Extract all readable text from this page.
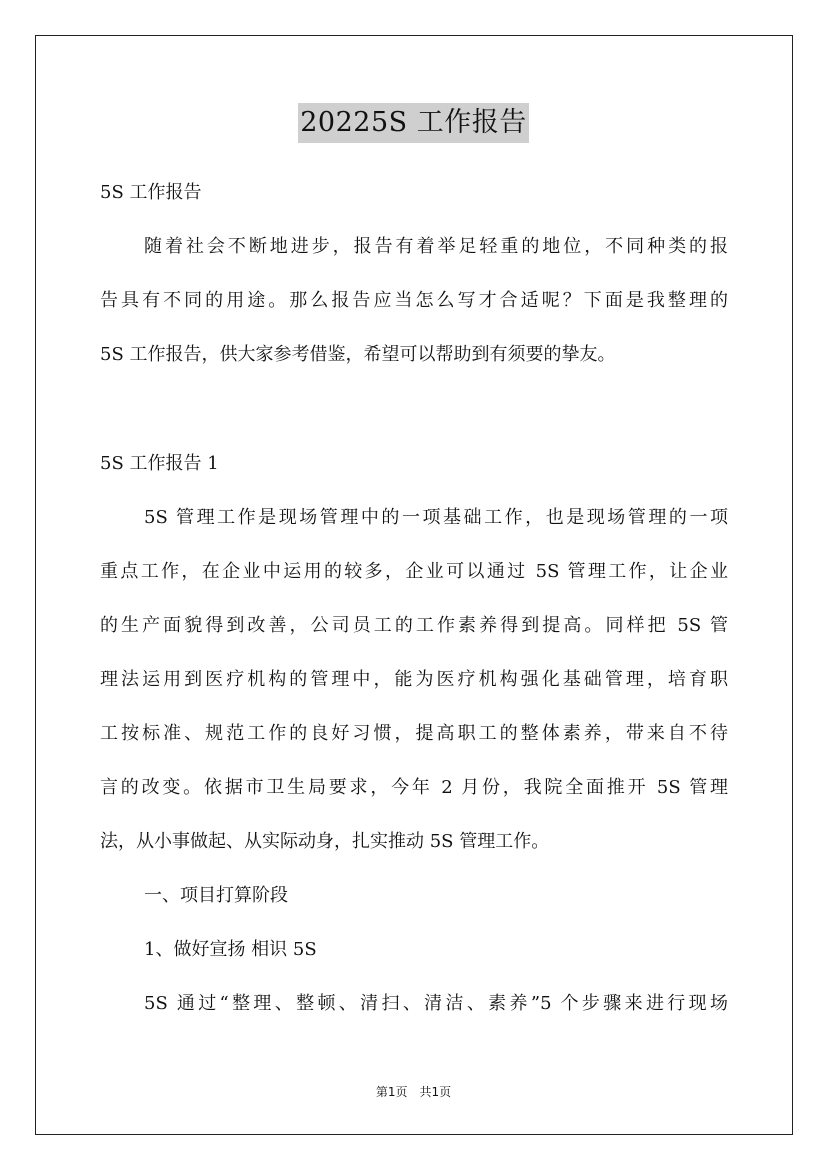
20225S 工作报告
5S 工作报告
随着社会不断地进步，报告有着举足轻重的地位，不同种类的报
告具有不同的用途。那么报告应当怎么写才合适呢？下面是我整理的
5S 工作报告，供大家参考借鉴，希望可以帮助到有须要的挚友。
5S 工作报告 1
5S 管理工作是现场管理中的一项基础工作，也是现场管理的一项
重点工作，在企业中运用的较多，企业可以通过 5S 管理工作，让企业
的生产面貌得到改善，公司员工的工作素养得到提高。同样把 5S 管
理法运用到医疗机构的管理中，能为医疗机构强化基础管理，培育职
工按标准、规范工作的良好习惯，提高职工的整体素养，带来自不待
言的改变。依据市卫生局要求，今年 2 月份，我院全面推开 5S 管理
法，从小事做起、从实际动身，扎实推动 5S 管理工作。
一、项目打算阶段
1、做好宣扬 相识 5S
5S 通过“整理、整顿、清扫、清洁、素养”5 个步骤来进行现场
第1页　共1页
